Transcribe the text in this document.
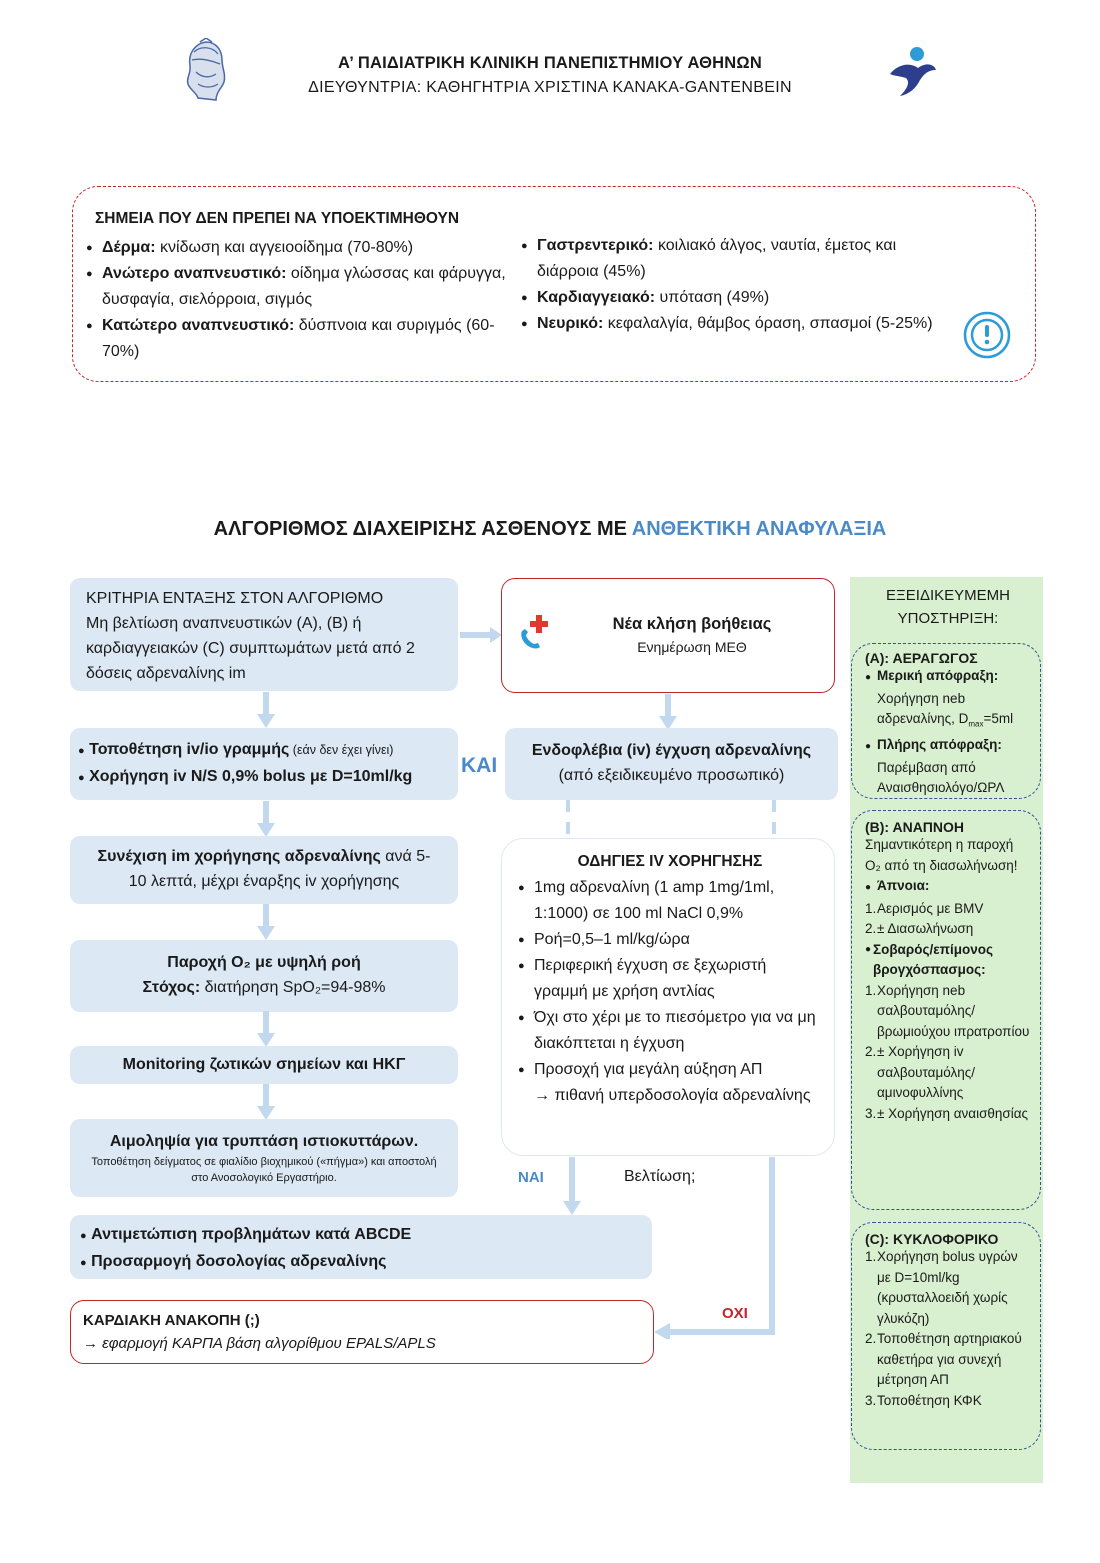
Α’ ΠΑΙΔΙΑΤΡΙΚΗ ΚΛΙΝΙΚΗ ΠΑΝΕΠΙΣΤΗΜΙΟΥ ΑΘΗΝΩΝ
ΔΙΕΥΘΥΝΤΡΙΑ: ΚΑΘΗΓΗΤΡΙΑ ΧΡΙΣΤΙΝΑ ΚΑΝΑΚΑ-GANTENBEIN
ΣΗΜΕΙΑ ΠΟΥ ΔΕΝ ΠΡΕΠΕΙ ΝΑ ΥΠΟΕΚΤΙΜΗΘΟΥΝ
● Δέρμα: κνίδωση και αγγειοοίδημα (70-80%)
● Ανώτερο αναπνευστικό: οίδημα γλώσσας και φάρυγγα, δυσφαγία, σιελόρροια, σιγμός
● Κατώτερο αναπνευστικό: δύσπνοια και συριγμός (60-70%)
● Γαστρεντερικό: κοιλιακό άλγος, ναυτία, έμετος και διάρροια (45%)
● Καρδιαγγειακό: υπόταση (49%)
● Νευρικό: κεφαλαλγία, θάμβος όραση, σπασμοί (5-25%)
ΑΛΓΟΡΙΘΜΟΣ ΔΙΑΧΕΙΡΙΣΗΣ ΑΣΘΕΝΟΥΣ ΜΕ ΑΝΘΕΚΤΙΚΗ ΑΝΑΦΥΛΑΞΙΑ
ΚΡΙΤΗΡΙΑ ΕΝΤΑΞΗΣ ΣΤΟΝ ΑΛΓΟΡΙΘΜΟ
Μη βελτίωση αναπνευστικών (Α), (Β) ή καρδιαγγειακών (C) συμπτωμάτων μετά από 2 δόσεις αδρεναλίνης im
● Τοποθέτηση iv/io γραμμής (εάν δεν έχει γίνει)
● Χορήγηση iv N/S 0,9% bolus με D=10ml/kg	ΚΑΙ
Συνέχιση im χορήγησης αδρεναλίνης ανά 5-10 λεπτά, μέχρι έναρξης iv χορήγησης
Παροχή Ο₂ με υψηλή ροή
Στόχος: διατήρηση SpO₂=94-98%
Monitoring ζωτικών σημείων και ΗΚΓ
Αιμοληψία για τρυπτάση ιστιοκυττάρων.
Τοποθέτηση δείγματος σε φιαλίδιο βιοχημικού («πήγμα») και αποστολή στο Ανοσολογικό Εργαστήριο.
● Αντιμετώπιση προβλημάτων κατά ABCDE
● Προσαρμογή δοσολογίας αδρεναλίνης
ΚΑΡΔΙΑΚΗ ΑΝΑΚΟΠΗ (;)
→ εφαρμογή ΚΑΡΠΑ βάση αλγορίθμου EPALS/APLS
Νέα κλήση βοήθειας
Ενημέρωση ΜΕΘ
Ενδοφλέβια (iv) έγχυση αδρεναλίνης
(από εξειδικευμένο προσωπικό)
ΟΔΗΓΙΕΣ IV ΧΟΡΗΓΗΣΗΣ
● 1mg αδρεναλίνη (1 amp 1mg/1ml, 1:1000) σε 100 ml NaCl 0,9%
● Ροή=0,5–1 ml/kg/ώρα
● Περιφερική έγχυση σε ξεχωριστή γραμμή με χρήση αντλίας
● Όχι στο χέρι με το πιεσόμετρο για να μη διακόπτεται η έγχυση
● Προσοχή για μεγάλη αύξηση ΑΠ
→ πιθανή υπερδοσολογία αδρεναλίνης
ΝΑΙ	Βελτίωση;
ΟΧΙ
ΕΞΕΙΔΙΚΕΥΜΕΜΗ ΥΠΟΣΤΗΡΙΞΗ:
(Α): ΑΕΡΑΓΩΓΟΣ
● Μερική απόφραξη:
Χορήγηση neb αδρεναλίνης, $D_{max}=5ml$
● Πλήρης απόφραξη:
Παρέμβαση από Αναισθησιολόγο/ΩΡΛ
(Β): ΑΝΑΠΝΟΗ
Σημαντικότερη η παροχή Ο₂ από τη διασωλήνωση!
● Άπνοια:
1.Αερισμός με BMV
2.± Διασωλήνωση
● Σοβαρός/επίμονος βρογχόσπασμος:
1. Χορήγηση neb σαλβουταμόλης/ βρωμιούχου ιπρατροπίου
2. ± Χορήγηση iv σαλβουταμόλης/ αμινοφυλλίνης
3. ± Χορήγηση αναισθησίας
(C): ΚΥΚΛΟΦΟΡΙΚΟ
1. Χορήγηση bolus υγρών με D=10ml/kg (κρυσταλλοειδή χωρίς γλυκόζη)
2. Τοποθέτηση αρτηριακού καθετήρα για συνεχή μέτρηση ΑΠ
3. Τοποθέτηση ΚΦΚ
